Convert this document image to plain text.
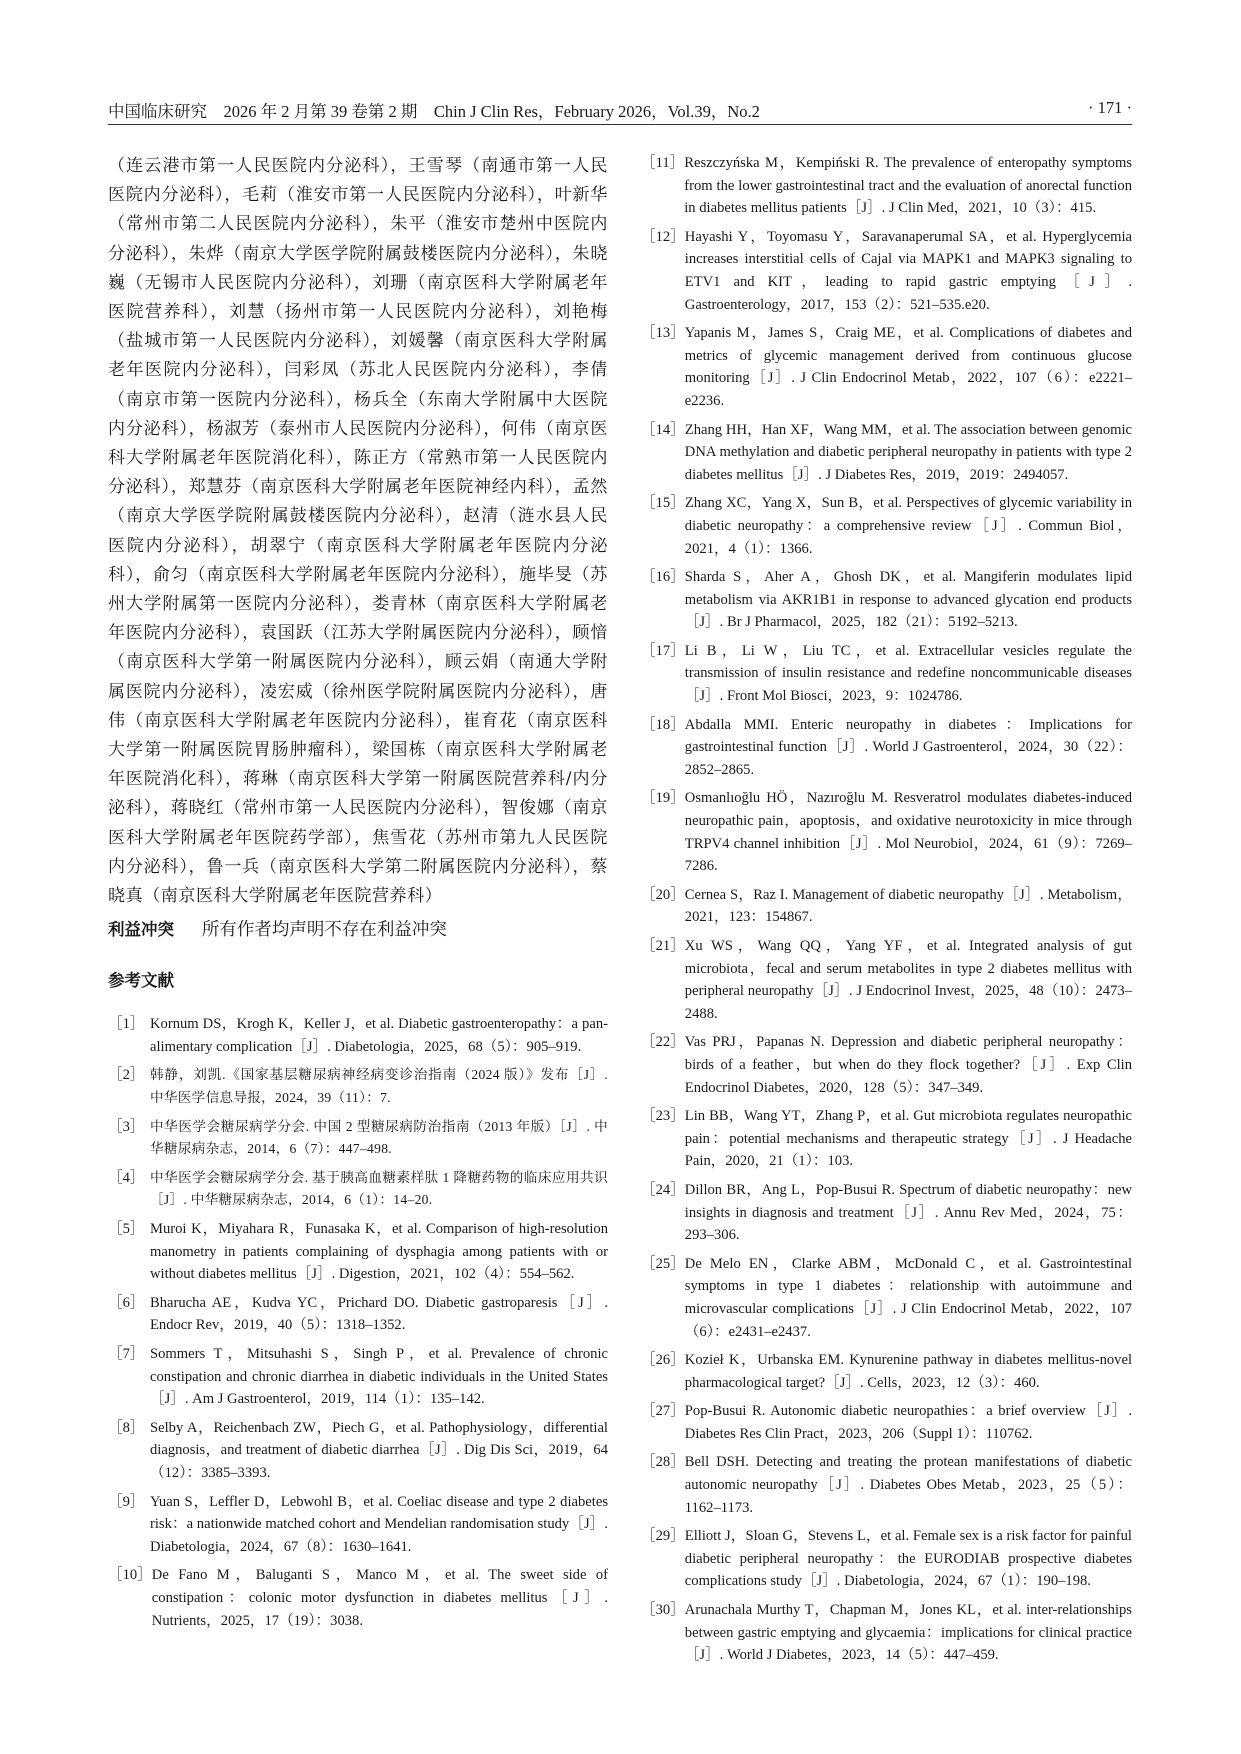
中国临床研究　2026 年 2 月第 39 卷第 2 期　Chin J Clin Res，February 2026，Vol.39，No.2	· 171 ·

（连云港市第一人民医院内分泌科），王雪琴（南通市第一人民医院内分泌科），毛莉（淮安市第一人民医院内分泌科），叶新华（常州市第二人民医院内分泌科），朱平（淮安市楚州中医院内分泌科），朱烨（南京大学医学院附属鼓楼医院内分泌科），朱晓巍（无锡市人民医院内分泌科），刘珊（南京医科大学附属老年医院营养科），刘慧（扬州市第一人民医院内分泌科），刘艳梅（盐城市第一人民医院内分泌科），刘媛馨（南京医科大学附属老年医院内分泌科），闫彩凤（苏北人民医院内分泌科），李倩（南京市第一医院内分泌科），杨兵全（东南大学附属中大医院内分泌科），杨淑芳（泰州市人民医院内分泌科），何伟（南京医科大学附属老年医院消化科），陈正方（常熟市第一人民医院内分泌科），郑慧芬（南京医科大学附属老年医院神经内科），孟然（南京大学医学院附属鼓楼医院内分泌科），赵清（涟水县人民医院内分泌科），胡翠宁（南京医科大学附属老年医院内分泌科），俞匀（南京医科大学附属老年医院内分泌科），施毕旻（苏州大学附属第一医院内分泌科），娄青林（南京医科大学附属老年医院内分泌科），袁国跃（江苏大学附属医院内分泌科），顾愔（南京医科大学第一附属医院内分泌科），顾云娟（南通大学附属医院内分泌科），凌宏威（徐州医学院附属医院内分泌科），唐伟（南京医科大学附属老年医院内分泌科），崔育花（南京医科大学第一附属医院胃肠肿瘤科），梁国栋（南京医科大学附属老年医院消化科），蒋琳（南京医科大学第一附属医院营养科/内分泌科），蒋晓红（常州市第一人民医院内分泌科），智俊娜（南京医科大学附属老年医院药学部），焦雪花（苏州市第九人民医院内分泌科），鲁一兵（南京医科大学第二附属医院内分泌科），蔡晓真（南京医科大学附属老年医院营养科）

利益冲突 所有作者均声明不存在利益冲突
参考文献
［1］ Kornum DS，Krogh K，Keller J，et al. Diabetic gastroenteropathy：a pan-alimentary complication［J］. Diabetologia，2025，68（5）：905–919.
［2］ 韩静，刘凯.《国家基层糖尿病神经病变诊治指南（2024 版）》发布［J］. 中华医学信息导报，2024，39（11）：7.
［3］ 中华医学会糖尿病学分会. 中国 2 型糖尿病防治指南（2013 年版）［J］. 中华糖尿病杂志，2014，6（7）：447–498.
［4］ 中华医学会糖尿病学分会. 基于胰高血糖素样肽 1 降糖药物的临床应用共识［J］. 中华糖尿病杂志，2014，6（1）：14–20.
［5］ Muroi K，Miyahara R，Funasaka K，et al. Comparison of high-resolution manometry in patients complaining of dysphagia among patients with or without diabetes mellitus［J］. Digestion，2021，102（4）：554–562.
［6］ Bharucha AE，Kudva YC，Prichard DO. Diabetic gastroparesis［J］. Endocr Rev，2019，40（5）：1318–1352.
［7］ Sommers T，Mitsuhashi S，Singh P，et al. Prevalence of chronic constipation and chronic diarrhea in diabetic individuals in the United States［J］. Am J Gastroenterol，2019，114（1）：135–142.
［8］ Selby A，Reichenbach ZW，Piech G，et al. Pathophysiology，differential diagnosis，and treatment of diabetic diarrhea［J］. Dig Dis Sci，2019，64（12）：3385–3393.
［9］ Yuan S，Leffler D，Lebwohl B，et al. Coeliac disease and type 2 diabetes risk：a nationwide matched cohort and Mendelian randomisation study［J］. Diabetologia，2024，67（8）：1630–1641.
［10］ De Fano M，Baluganti S，Manco M，et al. The sweet side of constipation：colonic motor dysfunction in diabetes mellitus［J］. Nutrients，2025，17（19）：3038.
［11］ Reszczyńska M，Kempiński R. The prevalence of enteropathy symptoms from the lower gastrointestinal tract and the evaluation of anorectal function in diabetes mellitus patients［J］. J Clin Med，2021，10（3）：415.
［12］ Hayashi Y，Toyomasu Y，Saravanaperumal SA，et al. Hyperglycemia increases interstitial cells of Cajal via MAPK1 and MAPK3 signaling to ETV1 and KIT，leading to rapid gastric emptying［J］. Gastroenterology，2017，153（2）：521–535.e20.
［13］ Yapanis M，James S，Craig ME，et al. Complications of diabetes and metrics of glycemic management derived from continuous glucose monitoring［J］. J Clin Endocrinol Metab，2022，107（6）：e2221–e2236.
［14］ Zhang HH，Han XF，Wang MM，et al. The association between genomic DNA methylation and diabetic peripheral neuropathy in patients with type 2 diabetes mellitus［J］. J Diabetes Res，2019，2019：2494057.
［15］ Zhang XC，Yang X，Sun B，et al. Perspectives of glycemic variability in diabetic neuropathy：a comprehensive review［J］. Commun Biol，2021，4（1）：1366.
［16］ Sharda S，Aher A，Ghosh DK，et al. Mangiferin modulates lipid metabolism via AKR1B1 in response to advanced glycation end products［J］. Br J Pharmacol，2025，182（21）：5192–5213.
［17］ Li B，Li W，Liu TC，et al. Extracellular vesicles regulate the transmission of insulin resistance and redefine noncommunicable diseases［J］. Front Mol Biosci，2023，9：1024786.
［18］ Abdalla MMI. Enteric neuropathy in diabetes：Implications for gastrointestinal function［J］. World J Gastroenterol，2024，30（22）：2852–2865.
［19］ Osmanlıoğlu HÖ，Nazıroğlu M. Resveratrol modulates diabetes-induced neuropathic pain，apoptosis，and oxidative neurotoxicity in mice through TRPV4 channel inhibition［J］. Mol Neurobiol，2024，61（9）：7269–7286.
［20］ Cernea S，Raz I. Management of diabetic neuropathy［J］. Metabolism，2021，123：154867.
［21］ Xu WS，Wang QQ，Yang YF，et al. Integrated analysis of gut microbiota，fecal and serum metabolites in type 2 diabetes mellitus with peripheral neuropathy［J］. J Endocrinol Invest，2025，48（10）：2473–2488.
［22］ Vas PRJ，Papanas N. Depression and diabetic peripheral neuropathy：birds of a feather，but when do they flock together?［J］. Exp Clin Endocrinol Diabetes，2020，128（5）：347–349.
［23］ Lin BB，Wang YT，Zhang P，et al. Gut microbiota regulates neuropathic pain：potential mechanisms and therapeutic strategy［J］. J Headache Pain，2020，21（1）：103.
［24］ Dillon BR，Ang L，Pop-Busui R. Spectrum of diabetic neuropathy：new insights in diagnosis and treatment［J］. Annu Rev Med，2024，75：293–306.
［25］ De Melo EN，Clarke ABM，McDonald C，et al. Gastrointestinal symptoms in type 1 diabetes：relationship with autoimmune and microvascular complications［J］. J Clin Endocrinol Metab，2022，107（6）：e2431–e2437.
［26］ Kozieł K，Urbanska EM. Kynurenine pathway in diabetes mellitus-novel pharmacological target?［J］. Cells，2023，12（3）：460.
［27］ Pop-Busui R. Autonomic diabetic neuropathies：a brief overview［J］. Diabetes Res Clin Pract，2023，206（Suppl 1）：110762.
［28］ Bell DSH. Detecting and treating the protean manifestations of diabetic autonomic neuropathy［J］. Diabetes Obes Metab，2023，25（5）：1162–1173.
［29］ Elliott J，Sloan G，Stevens L，et al. Female sex is a risk factor for painful diabetic peripheral neuropathy：the EURODIAB prospective diabetes complications study［J］. Diabetologia，2024，67（1）：190–198.
［30］ Arunachala Murthy T，Chapman M，Jones KL，et al. inter-relationships between gastric emptying and glycaemia：implications for clinical practice［J］. World J Diabetes，2023，14（5）：447–459.
